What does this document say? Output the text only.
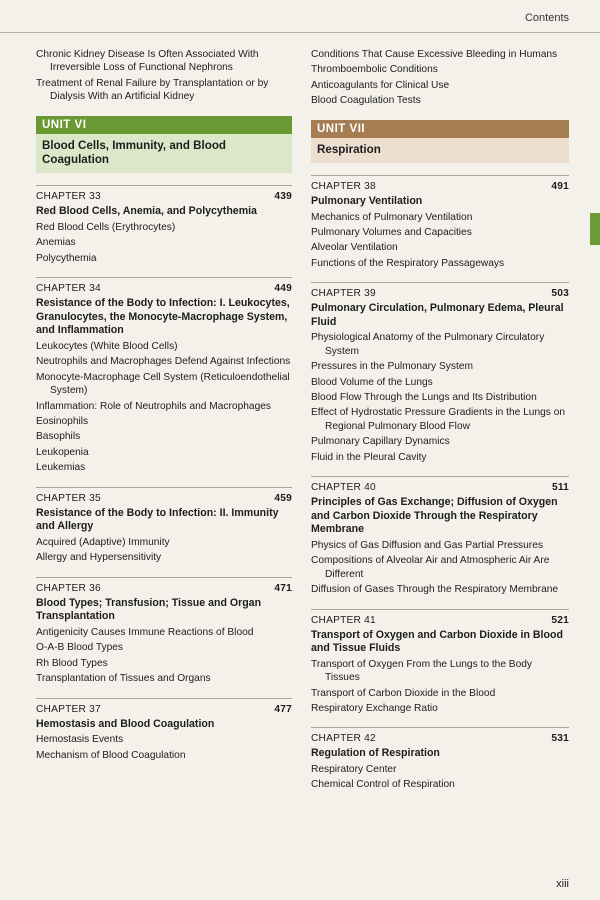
Contents
Chronic Kidney Disease Is Often Associated With Irreversible Loss of Functional Nephrons
Treatment of Renal Failure by Transplantation or by Dialysis With an Artificial Kidney
UNIT VI
Blood Cells, Immunity, and Blood Coagulation
CHAPTER 33	439
Red Blood Cells, Anemia, and Polycythemia
Red Blood Cells (Erythrocytes)
Anemias
Polycythemia
CHAPTER 34	449
Resistance of the Body to Infection: I. Leukocytes, Granulocytes, the Monocyte-Macrophage System, and Inflammation
Leukocytes (White Blood Cells)
Neutrophils and Macrophages Defend Against Infections
Monocyte-Macrophage Cell System (Reticuloendothelial System)
Inflammation: Role of Neutrophils and Macrophages
Eosinophils
Basophils
Leukopenia
Leukemias
CHAPTER 35	459
Resistance of the Body to Infection: II. Immunity and Allergy
Acquired (Adaptive) Immunity
Allergy and Hypersensitivity
CHAPTER 36	471
Blood Types; Transfusion; Tissue and Organ Transplantation
Antigenicity Causes Immune Reactions of Blood
O-A-B Blood Types
Rh Blood Types
Transplantation of Tissues and Organs
CHAPTER 37	477
Hemostasis and Blood Coagulation
Hemostasis Events
Mechanism of Blood Coagulation
Conditions That Cause Excessive Bleeding in Humans
Thromboembolic Conditions
Anticoagulants for Clinical Use
Blood Coagulation Tests
UNIT VII
Respiration
CHAPTER 38	491
Pulmonary Ventilation
Mechanics of Pulmonary Ventilation
Pulmonary Volumes and Capacities
Alveolar Ventilation
Functions of the Respiratory Passageways
CHAPTER 39	503
Pulmonary Circulation, Pulmonary Edema, Pleural Fluid
Physiological Anatomy of the Pulmonary Circulatory System
Pressures in the Pulmonary System
Blood Volume of the Lungs
Blood Flow Through the Lungs and Its Distribution
Effect of Hydrostatic Pressure Gradients in the Lungs on Regional Pulmonary Blood Flow
Pulmonary Capillary Dynamics
Fluid in the Pleural Cavity
CHAPTER 40	511
Principles of Gas Exchange; Diffusion of Oxygen and Carbon Dioxide Through the Respiratory Membrane
Physics of Gas Diffusion and Gas Partial Pressures
Compositions of Alveolar Air and Atmospheric Air Are Different
Diffusion of Gases Through the Respiratory Membrane
CHAPTER 41	521
Transport of Oxygen and Carbon Dioxide in Blood and Tissue Fluids
Transport of Oxygen From the Lungs to the Body Tissues
Transport of Carbon Dioxide in the Blood
Respiratory Exchange Ratio
CHAPTER 42	531
Regulation of Respiration
Respiratory Center
Chemical Control of Respiration
xiii
